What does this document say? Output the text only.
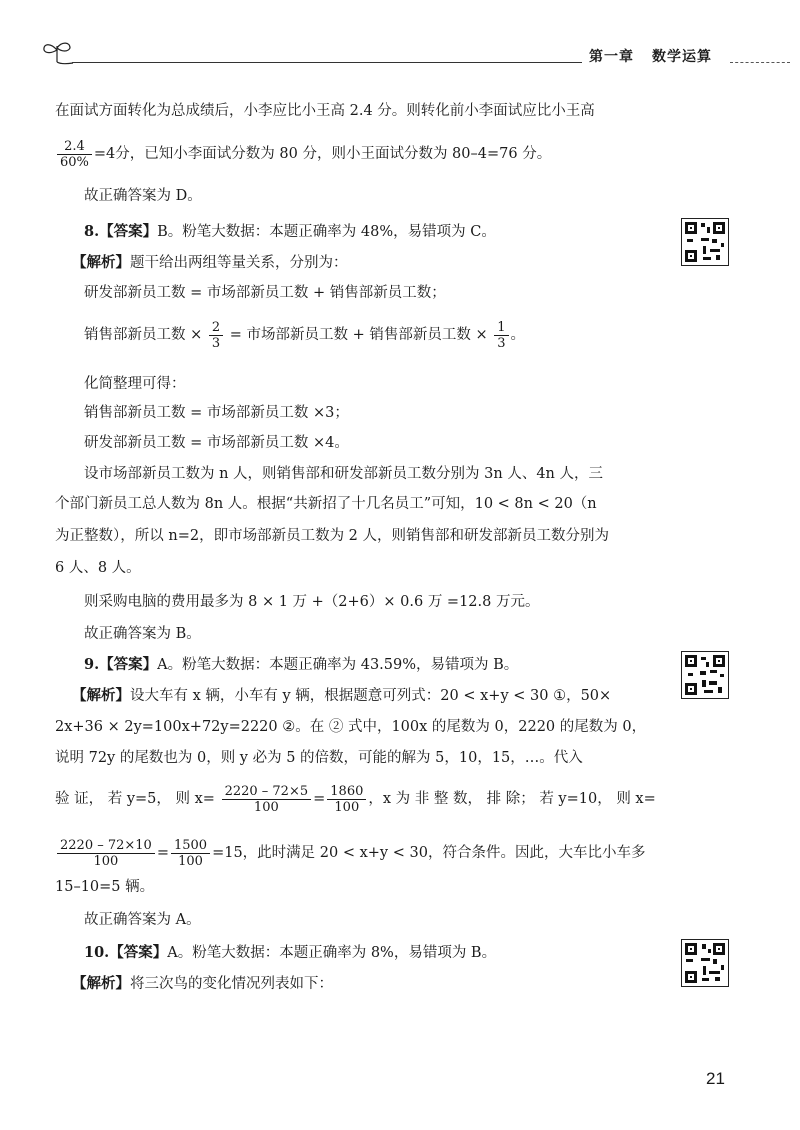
第一章 数学运算
在面试方面转化为总成绩后，小李应比小王高 2.4 分。则转化前小李面试应比小王高
$\frac{2.4}{60\%} =4$分，已知小李面试分数为 80 分，则小王面试分数为 80–4=76 分。
故正确答案为 D。
8.【答案】B。粉笔大数据：本题正确率为 48%，易错项为 C。
【解析】题干给出两组等量关系，分别为：
研发部新员工数 = 市场部新员工数 + 销售部新员工数；
销售部新员工数 × $\frac{2}{3}$ = 市场部新员工数 + 销售部新员工数 × $\frac{1}{3}$ 。
化简整理可得：
销售部新员工数 = 市场部新员工数 ×3；
研发部新员工数 = 市场部新员工数 ×4。
设市场部新员工数为 n 人，则销售部和研发部新员工数分别为 3n 人、4n 人，三
个部门新员工总人数为 8n 人。根据“共新招了十几名员工”可知，10 < 8n < 20（n
为正整数），所以 n=2，即市场部新员工数为 2 人，则销售部和研发部新员工数分别为
6 人、8 人。
则采购电脑的费用最多为 8 × 1 万 +（2+6）× 0.6 万 =12.8 万元。
故正确答案为 B。
9.【答案】A。粉笔大数据：本题正确率为 43.59%，易错项为 B。
【解析】设大车有 x 辆，小车有 y 辆，根据题意可列式：20 < x+y < 30 ①，50×
2x+36 × 2y=100x+72y=2220 ②。在 ② 式中，100x 的尾数为 0，2220 的尾数为 0，
说明 72y 的尾数也为 0，则 y 必为 5 的倍数，可能的解为 5，10，15，…。代入
验 证， 若 y=5， 则 $x= \frac{2220 - 72\times 5}{100} = \frac{1860}{100}$ ，x 为 非 整 数， 排 除； 若 y=10， 则 x=
$\frac{2220 - 72\times 10}{100} = \frac{1500}{100} =15$，此时满足 20 < x+y < 30，符合条件。因此，大车比小车多
15–10=5 辆。
故正确答案为 A。
10.【答案】A。粉笔大数据：本题正确率为 8%，易错项为 B。
【解析】将三次鸟的变化情况列表如下：
21
